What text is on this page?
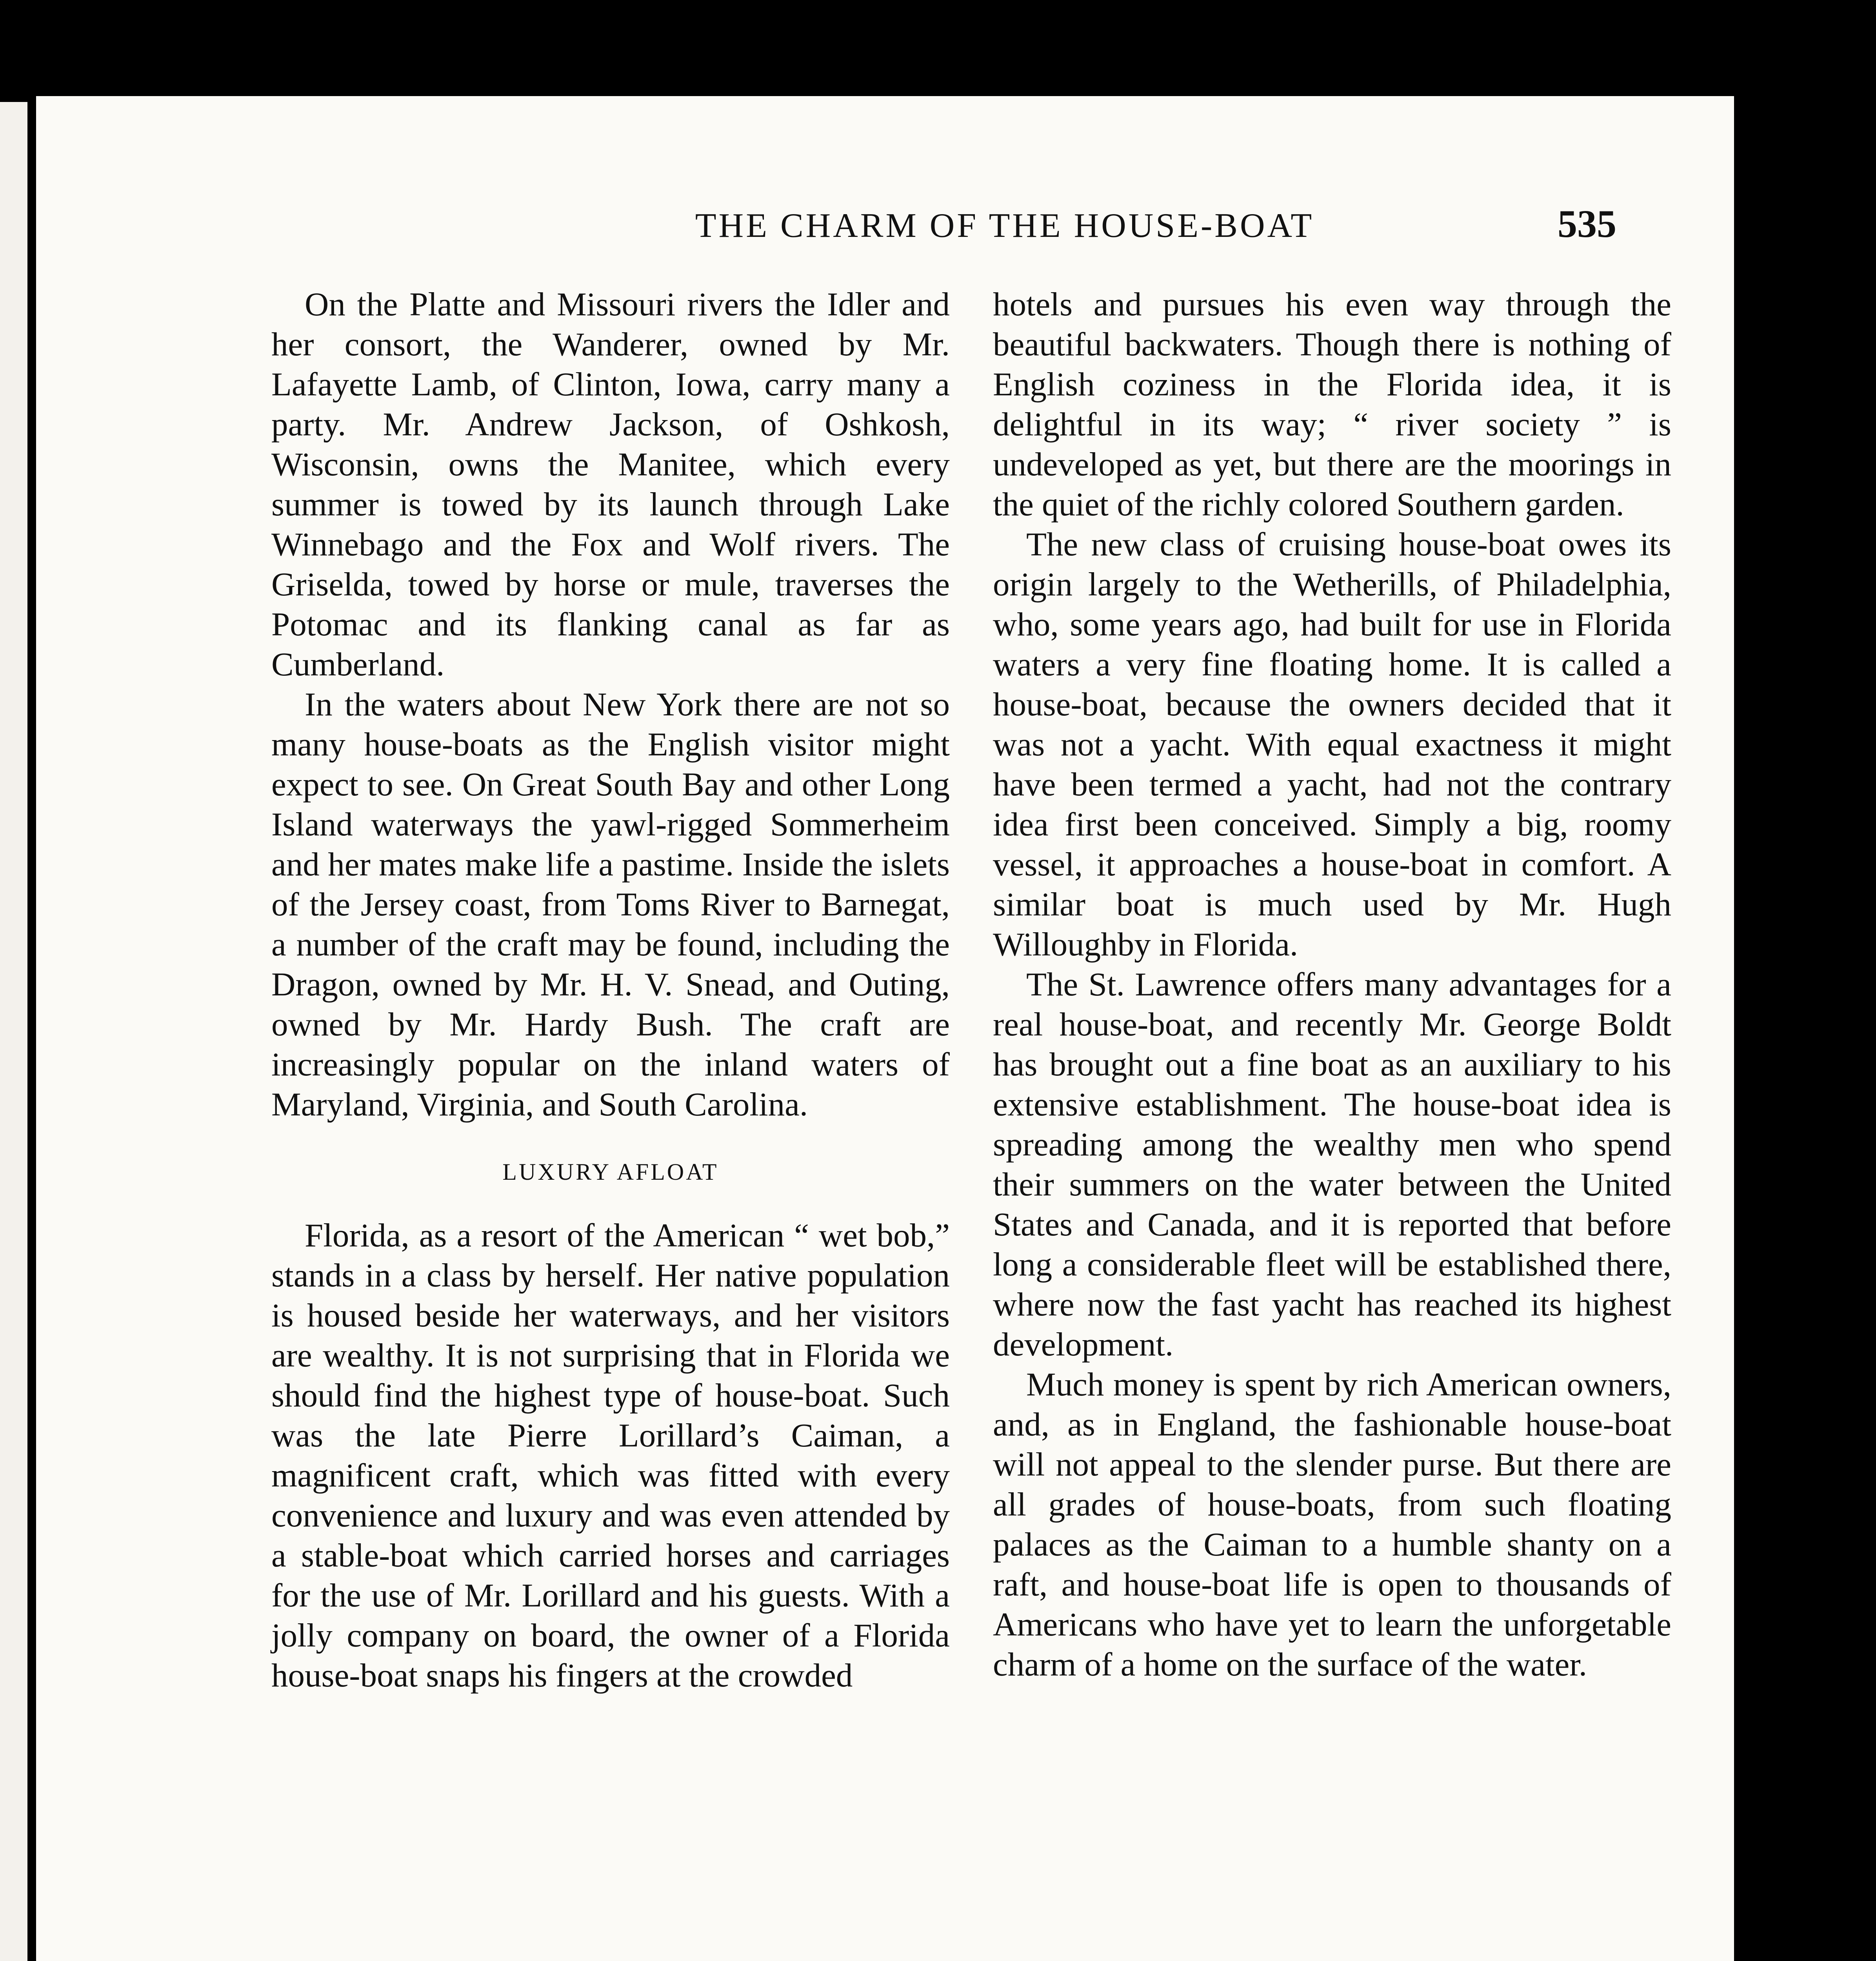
THE CHARM OF THE HOUSE-BOAT	535

On the Platte and Missouri rivers the Idler and her consort, the Wanderer, owned by Mr. Lafayette Lamb, of Clinton, Iowa, carry many a party. Mr. Andrew Jackson, of Oshkosh, Wisconsin, owns the Manitee, which every summer is towed by its launch through Lake Winnebago and the Fox and Wolf rivers. The Griselda, towed by horse or mule, traverses the Potomac and its flanking canal as far as Cumberland.

In the waters about New York there are not so many house-boats as the English visitor might expect to see. On Great South Bay and other Long Island waterways the yawl-rigged Sommerheim and her mates make life a pastime. Inside the islets of the Jersey coast, from Toms River to Barnegat, a number of the craft may be found, including the Dragon, owned by Mr. H. V. Snead, and Outing, owned by Mr. Hardy Bush. The craft are increasingly popular on the inland waters of Maryland, Virginia, and South Carolina.

LUXURY AFLOAT

Florida, as a resort of the American “ wet bob,” stands in a class by herself. Her native population is housed beside her waterways, and her visitors are wealthy. It is not surprising that in Florida we should find the highest type of house-boat. Such was the late Pierre Lorillard’s Caiman, a magnificent craft, which was fitted with every convenience and luxury and was even attended by a stable-boat which carried horses and carriages for the use of Mr. Lorillard and his guests. With a jolly company on board, the owner of a Florida house-boat snaps his fingers at the crowded

hotels and pursues his even way through the beautiful backwaters. Though there is nothing of English coziness in the Florida idea, it is delightful in its way; “ river society ” is undeveloped as yet, but there are the moorings in the quiet of the richly colored Southern garden.

The new class of cruising house-boat owes its origin largely to the Wetherills, of Philadelphia, who, some years ago, had built for use in Florida waters a very fine floating home. It is called a house-boat, because the owners decided that it was not a yacht. With equal exactness it might have been termed a yacht, had not the contrary idea first been conceived. Simply a big, roomy vessel, it approaches a house-boat in comfort. A similar boat is much used by Mr. Hugh Willoughby in Florida.

The St. Lawrence offers many advantages for a real house-boat, and recently Mr. George Boldt has brought out a fine boat as an auxiliary to his extensive establishment. The house-boat idea is spreading among the wealthy men who spend their summers on the water between the United States and Canada, and it is reported that before long a considerable fleet will be established there, where now the fast yacht has reached its highest development.

Much money is spent by rich American owners, and, as in England, the fashionable house-boat will not appeal to the slender purse. But there are all grades of house-boats, from such floating palaces as the Caiman to a humble shanty on a raft, and house-boat life is open to thousands of Americans who have yet to learn the unforgetable charm of a home on the surface of the water.
